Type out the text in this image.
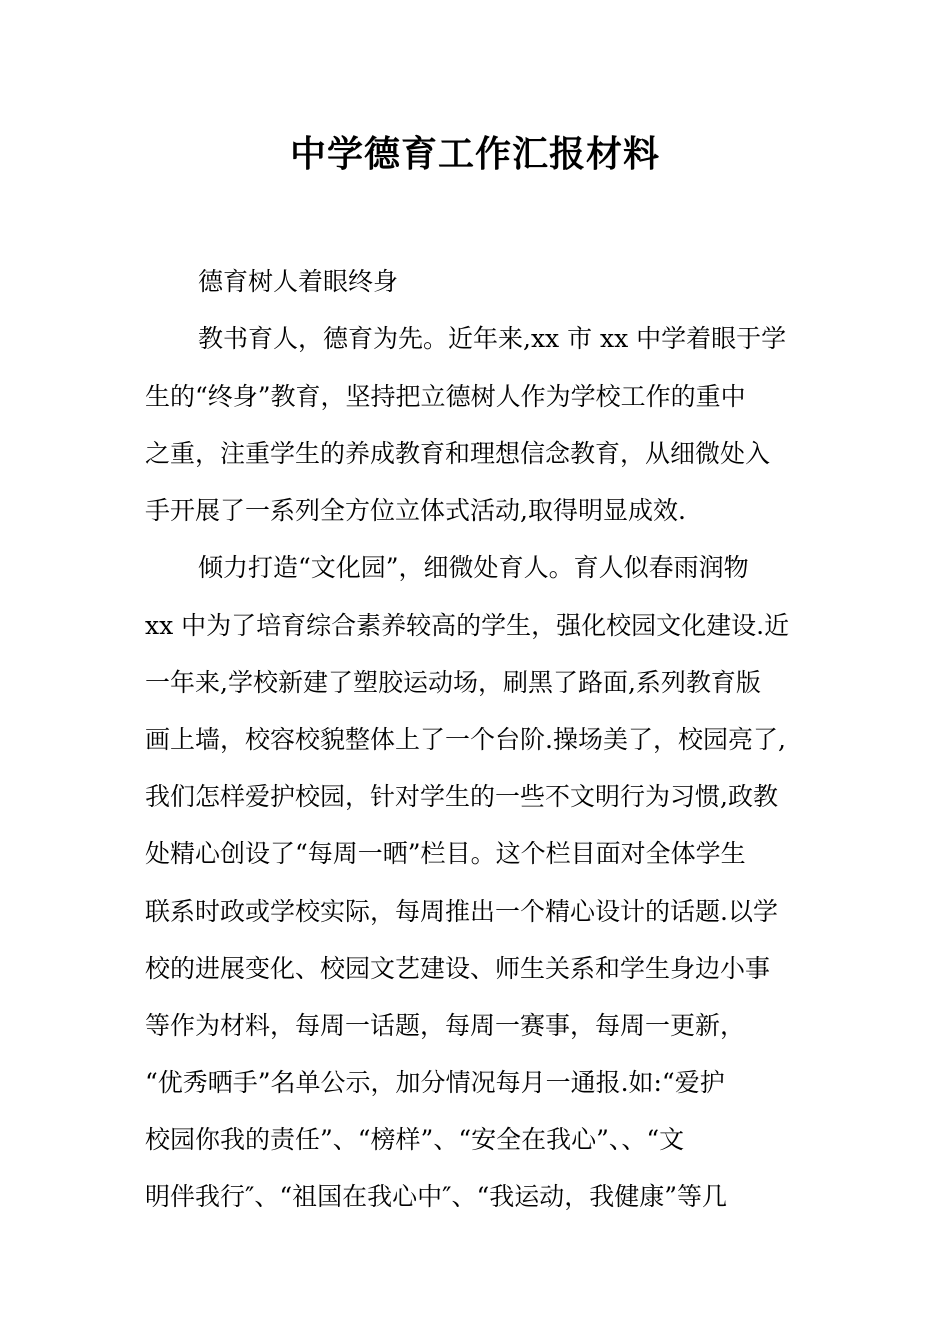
中学德育工作汇报材料
德育树人着眼终身
教书育人，德育为先。近年来,xx 市 xx 中学着眼于学
生的“终身”教育，坚持把立德树人作为学校工作的重中
之重，注重学生的养成教育和理想信念教育，从细微处入
手开展了一系列全方位立体式活动,取得明显成效.
倾力打造“文化园”，细微处育人。育人似春雨润物
xx 中为了培育综合素养较高的学生，强化校园文化建设.近
一年来,学校新建了塑胶运动场，刷黑了路面,系列教育版
画上墙，校容校貌整体上了一个台阶.操场美了，校园亮了,
我们怎样爱护校园，针对学生的一些不文明行为习惯,政教
处精心创设了“每周一晒”栏目。这个栏目面对全体学生
联系时政或学校实际，每周推出一个精心设计的话题.以学
校的进展变化、校园文艺建设、师生关系和学生身边小事
等作为材料，每周一话题，每周一赛事，每周一更新，
“优秀晒手”名单公示，加分情况每月一通报.如:“爱护
校园你我的责任”、“榜样”、“安全在我心”、、“文
明伴我行″、“祖国在我心中″、“我运动，我健康”等几
